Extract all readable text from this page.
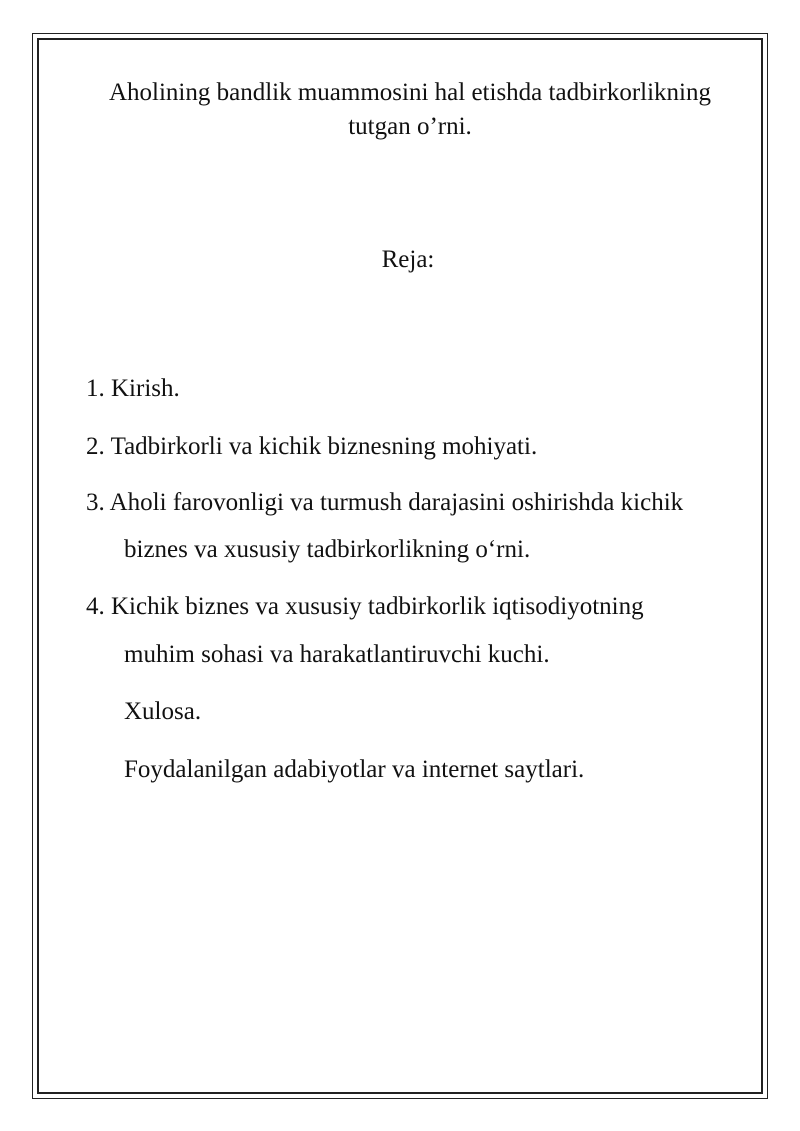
Aholining bandlik muammosini hal etishda tadbirkorlikning
tutgan o’rni.
Reja:
1. Kirish.
2. Tadbirkorli va kichik biznesning mohiyati.
3. Aholi farovonligi va turmush darajasini oshirishda kichik
biznes va xususiy tadbirkorlikning o‘rni.
4. Kichik biznes va xususiy tadbirkorlik iqtisodiyotning
muhim sohasi va harakatlantiruvchi kuchi.
Xulosa.
Foydalanilgan adabiyotlar va internet saytlari.
